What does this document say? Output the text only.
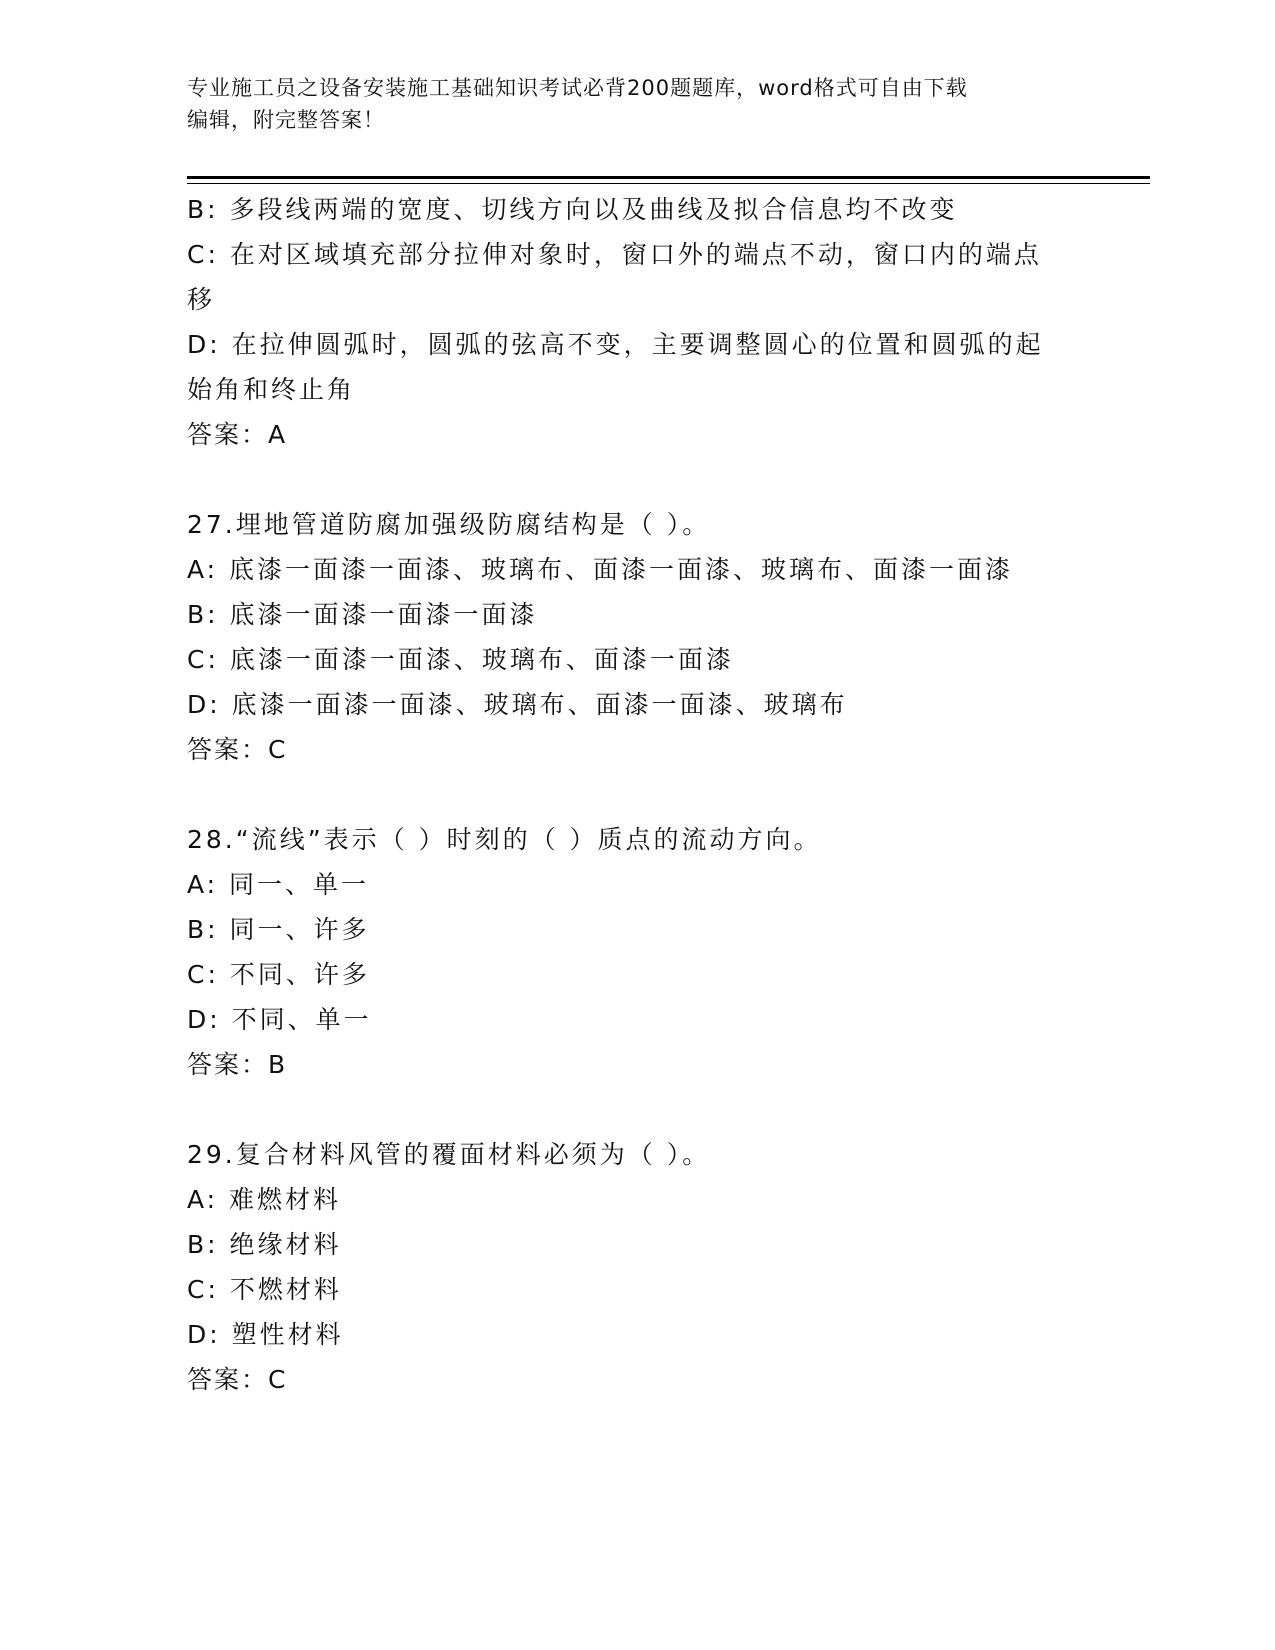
专业施工员之设备安装施工基础知识考试必背200题题库，word格式可自由下载
编辑，附完整答案！
B: 多段线两端的宽度、切线方向以及曲线及拟合信息均不改变
C: 在对区域填充部分拉伸对象时，窗口外的端点不动，窗口内的端点
移
D: 在拉伸圆弧时，圆弧的弦高不变，主要调整圆心的位置和圆弧的起
始角和终止角
答案：A
27.埋地管道防腐加强级防腐结构是（ ）。
A: 底漆一面漆一面漆、玻璃布、面漆一面漆、玻璃布、面漆一面漆
B: 底漆一面漆一面漆一面漆
C: 底漆一面漆一面漆、玻璃布、面漆一面漆
D: 底漆一面漆一面漆、玻璃布、面漆一面漆、玻璃布
答案：C
28.“流线”表示（ ）时刻的（ ）质点的流动方向。
A: 同一、单一
B: 同一、许多
C: 不同、许多
D: 不同、单一
答案：B
29.复合材料风管的覆面材料必须为（ ）。
A: 难燃材料
B: 绝缘材料
C: 不燃材料
D: 塑性材料
答案：C
